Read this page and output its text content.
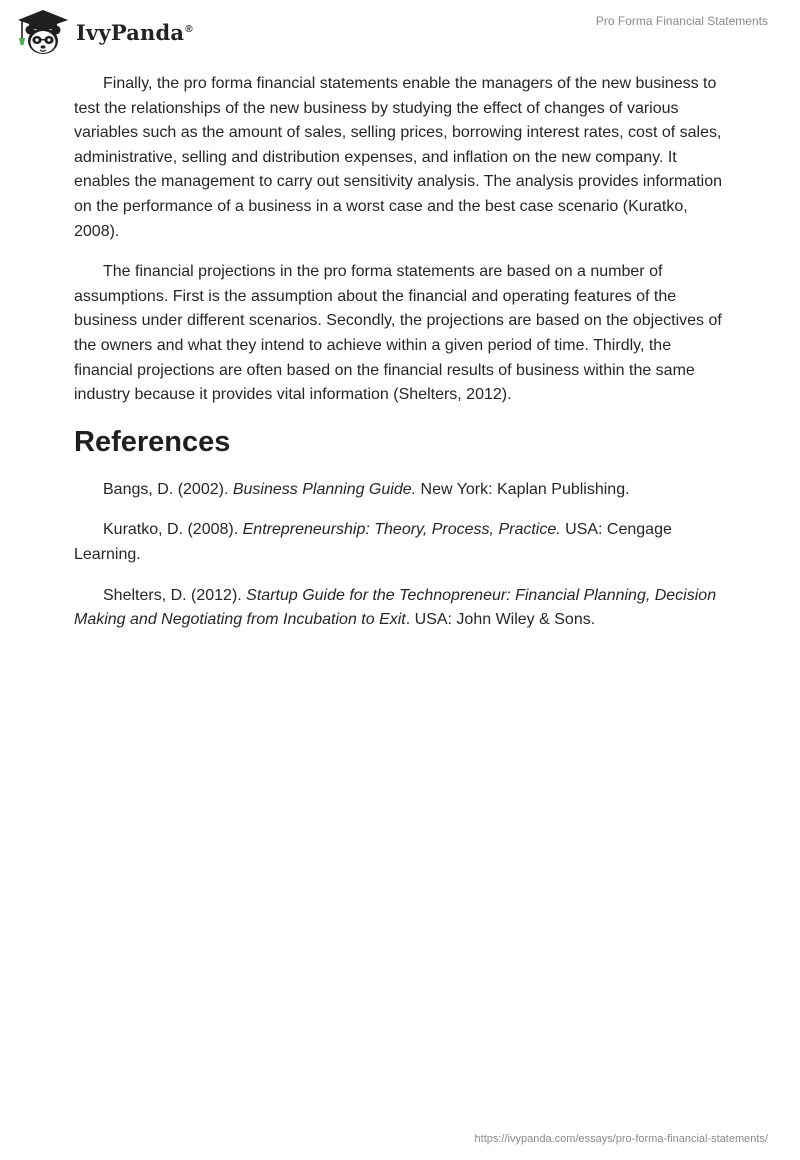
IvyPanda®
Pro Forma Financial Statements

Finally, the pro forma financial statements enable the managers of the new business to test the relationships of the new business by studying the effect of changes of various variables such as the amount of sales, selling prices, borrowing interest rates, cost of sales, administrative, selling and distribution expenses, and inflation on the new company. It enables the management to carry out sensitivity analysis. The analysis provides information on the performance of a business in a worst case and the best case scenario (Kuratko, 2008).

The financial projections in the pro forma statements are based on a number of assumptions. First is the assumption about the financial and operating features of the business under different scenarios. Secondly, the projections are based on the objectives of the owners and what they intend to achieve within a given period of time. Thirdly, the financial projections are often based on the financial results of business within the same industry because it provides vital information (Shelters, 2012).

References

Bangs, D. (2002). Business Planning Guide. New York: Kaplan Publishing.

Kuratko, D. (2008). Entrepreneurship: Theory, Process, Practice. USA: Cengage Learning.

Shelters, D. (2012). Startup Guide for the Technopreneur: Financial Planning, Decision Making and Negotiating from Incubation to Exit. USA: John Wiley & Sons.

https://ivypanda.com/essays/pro-forma-financial-statements/
